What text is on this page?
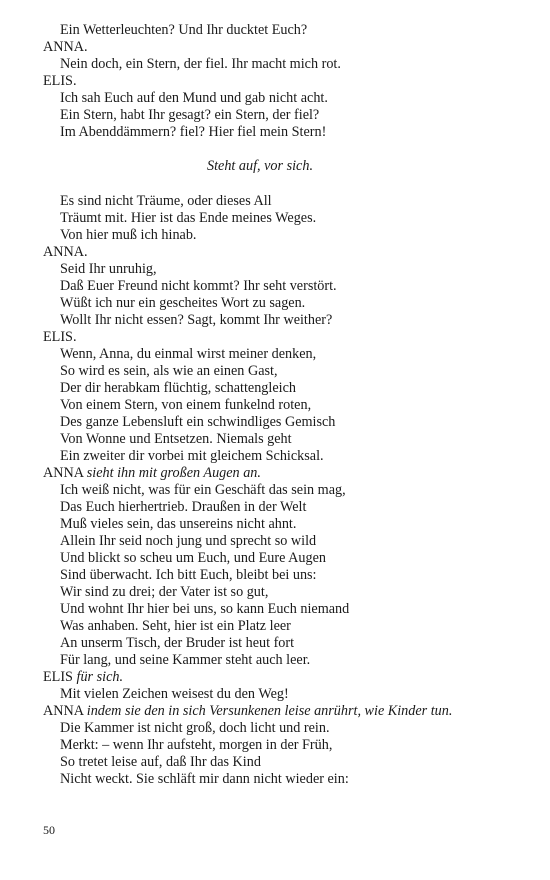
Ein Wetterleuchten? Und Ihr ducktet Euch?
ANNA.
Nein doch, ein Stern, der fiel. Ihr macht mich rot.
ELIS.
Ich sah Euch auf den Mund und gab nicht acht.
Ein Stern, habt Ihr gesagt? ein Stern, der fiel?
Im Abenddämmern? fiel? Hier fiel mein Stern!
Steht auf, vor sich.
Es sind nicht Träume, oder dieses All
Träumt mit. Hier ist das Ende meines Weges.
Von hier muß ich hinab.
ANNA.
Seid Ihr unruhig,
Daß Euer Freund nicht kommt? Ihr seht verstört.
Wüßt ich nur ein gescheites Wort zu sagen.
Wollt Ihr nicht essen? Sagt, kommt Ihr weither?
ELIS.
Wenn, Anna, du einmal wirst meiner denken,
So wird es sein, als wie an einen Gast,
Der dir herabkam flüchtig, schattengleich
Von einem Stern, von einem funkelnd roten,
Des ganze Lebensluft ein schwindliges Gemisch
Von Wonne und Entsetzen. Niemals geht
Ein zweiter dir vorbei mit gleichem Schicksal.
ANNA sieht ihn mit großen Augen an.
Ich weiß nicht, was für ein Geschäft das sein mag,
Das Euch hierhertrieb. Draußen in der Welt
Muß vieles sein, das unsereins nicht ahnt.
Allein Ihr seid noch jung und sprecht so wild
Und blickt so scheu um Euch, und Eure Augen
Sind überwacht. Ich bitt Euch, bleibt bei uns:
Wir sind zu drei; der Vater ist so gut,
Und wohnt Ihr hier bei uns, so kann Euch niemand
Was anhaben. Seht, hier ist ein Platz leer
An unserm Tisch, der Bruder ist heut fort
Für lang, und seine Kammer steht auch leer.
ELIS für sich.
Mit vielen Zeichen weisest du den Weg!
ANNA indem sie den in sich Versunkenen leise anrührt, wie Kinder tun.
Die Kammer ist nicht groß, doch licht und rein.
Merkt: – wenn Ihr aufsteht, morgen in der Früh,
So tretet leise auf, daß Ihr das Kind
Nicht weckt. Sie schläft mir dann nicht wieder ein:
50
